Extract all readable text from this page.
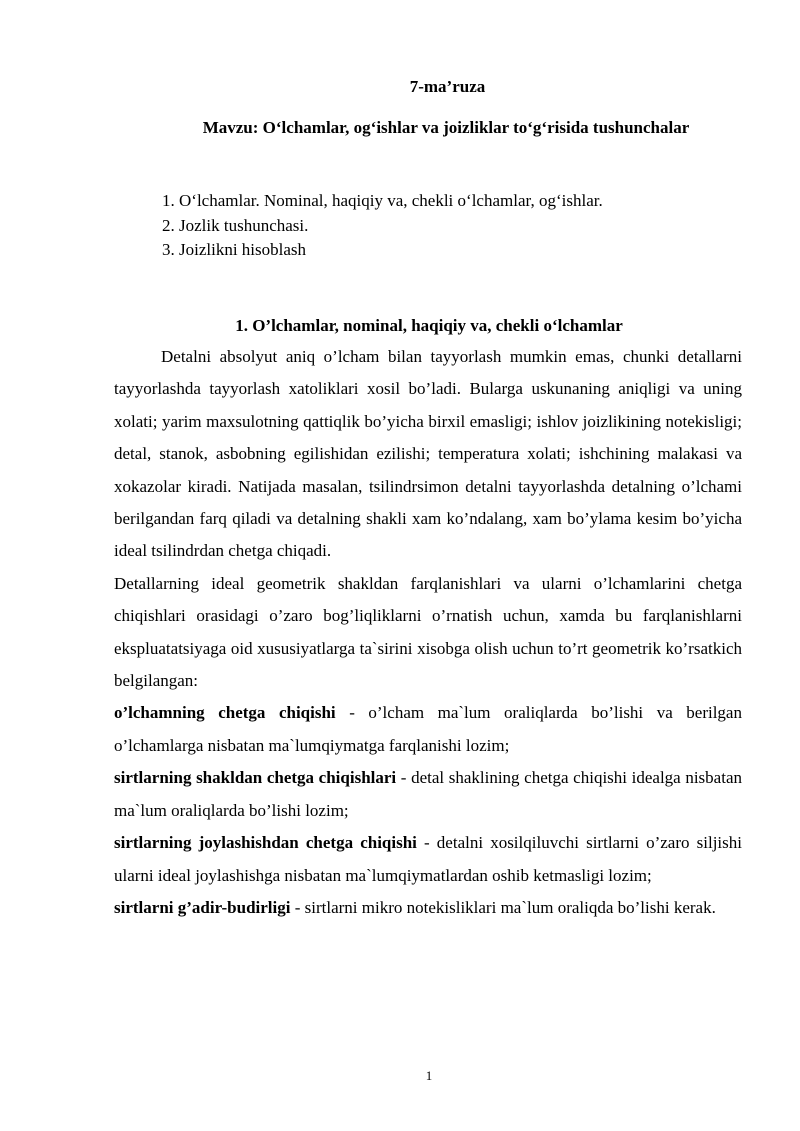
7-ma’ruza
Mavzu: O‘lchamlar, og‘ishlar va joizliklar to‘g‘risida tushunchalar
1. O‘lchamlar. Nominal, haqiqiy va, chekli o‘lchamlar, og‘ishlar.
2. Jozlik tushunchasi.
3. Joizlikni hisoblash
1. O’lchamlar, nominal, haqiqiy va, chekli o‘lchamlar

Detalni absolyut aniq o’lcham bilan tayyorlash mumkin emas, chunki detallarni tayyorlashda tayyorlash xatoliklari xosil bo’ladi. Bularga uskunaning aniqligi va uning xolati; yarim maxsulotning qattiqlik bo’yicha birxil emasligi; ishlov joizlikining notekisligi; detal, stanok, asbobning egilishidan ezilishi; temperatura xolati; ishchining malakasi va xokazolar kiradi. Natijada masalan, tsilindrsimon detalni tayyorlashda detalning o’lchami berilgandan farq qiladi va detalning shakli xam ko’ndalang, xam bo’ylama kesim bo’yicha ideal tsilindrdan chetga chiqadi.

Detallarning ideal geometrik shakldan farqlanishlari va ularni o’lchamlarini chetga chiqishlari orasidagi o’zaro bog’liqliklarni o’rnatish uchun, xamda bu farqlanishlarni ekspluatatsiyaga oid xususiyatlarga ta`sirini xisobga olish uchun to’rt geometrik ko’rsatkich belgilangan:

o’lchamning chetga chiqishi - o’lcham ma`lum oraliqlarda bo’lishi va berilgan o’lchamlarga nisbatan ma`lumqiymatga farqlanishi lozim;

sirtlarning shakldan chetga chiqishlari - detal shaklining chetga chiqishi idealga nisbatan ma`lum oraliqlarda bo’lishi lozim;

sirtlarning joylashishdan chetga chiqishi - detalni xosilqiluvchi sirtlarni o’zaro siljishi ularni ideal joylashishga nisbatan ma`lumqiymatlardan oshib ketmasligi lozim;

sirtlarni g’adir-budirligi - sirtlarni mikro notekisliklari ma`lum oraliqda bo’lishi kerak.

1
